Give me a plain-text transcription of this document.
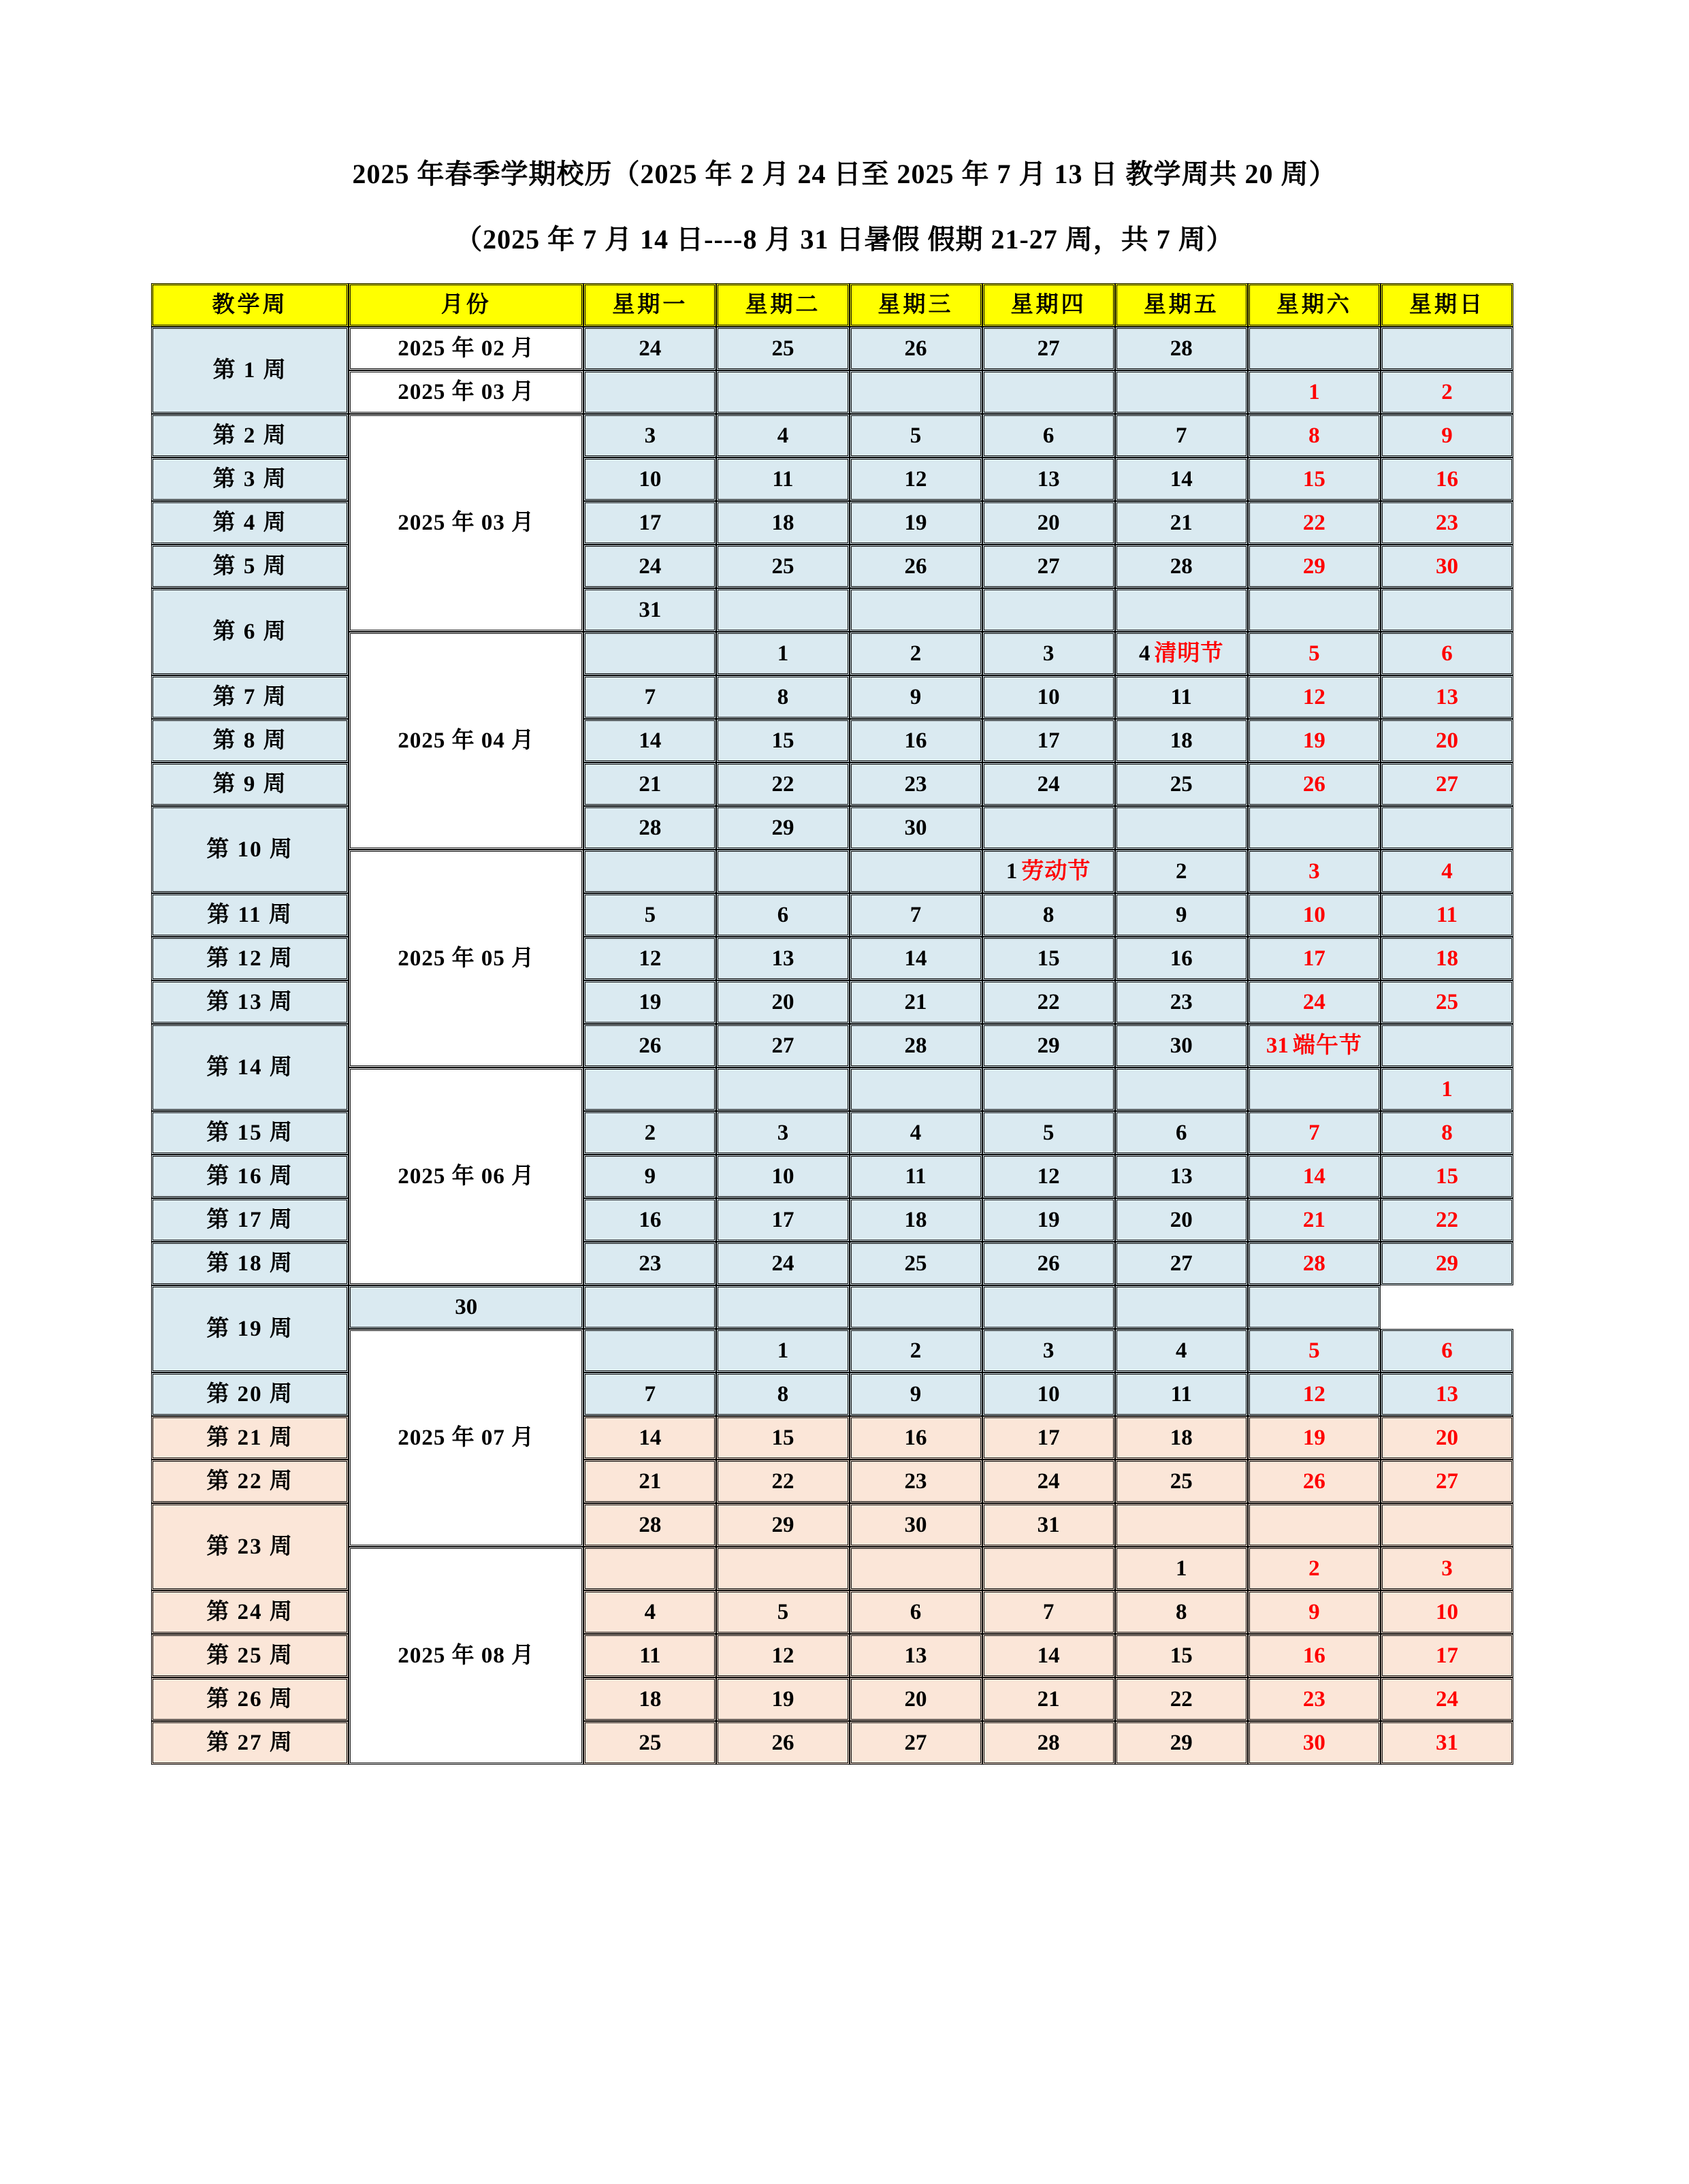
2025 年春季学期校历（2025 年 2 月 24 日至 2025 年 7 月 13 日 教学周共 20 周）
（2025 年 7 月 14 日----8 月 31 日暑假 假期 21-27 周，共 7 周）
教学周	月份	星期一	星期二	星期三	星期四	星期五	星期六	星期日
第 1 周	2025 年 02 月	24	25	26	27	28		
	2025 年 03 月						1	2
第 2 周	2025 年 03 月	3	4	5	6	7	8	9
第 3 周		10	11	12	13	14	15	16
第 4 周		17	18	19	20	21	22	23
第 5 周		24	25	26	27	28	29	30
第 6 周		31						
	2025 年 04 月		1	2	3	4 清明节	5	6
第 7 周		7	8	9	10	11	12	13
第 8 周		14	15	16	17	18	19	20
第 9 周		21	22	23	24	25	26	27
第 10 周		28	29	30				
	2025 年 05 月				1 劳动节	2	3	4
第 11 周		5	6	7	8	9	10	11
第 12 周		12	13	14	15	16	17	18
第 13 周		19	20	21	22	23	24	25
第 14 周		26	27	28	29	30	31 端午节	
	2025 年 06 月							1
第 15 周		2	3	4	5	6	7	8
第 16 周		9	10	11	12	13	14	15
第 17 周		16	17	18	19	20	21	22
第 18 周		23	24	25	26	27	28	29
第 19 周	30							
	2025 年 07 月		1	2	3	4	5	6
第 20 周		7	8	9	10	11	12	13
第 21 周		14	15	16	17	18	19	20
第 22 周		21	22	23	24	25	26	27
第 23 周		28	29	30	31			
	2025 年 08 月					1	2	3
第 24 周		4	5	6	7	8	9	10
第 25 周		11	12	13	14	15	16	17
第 26 周		18	19	20	21	22	23	24
第 27 周		25	26	27	28	29	30	31
